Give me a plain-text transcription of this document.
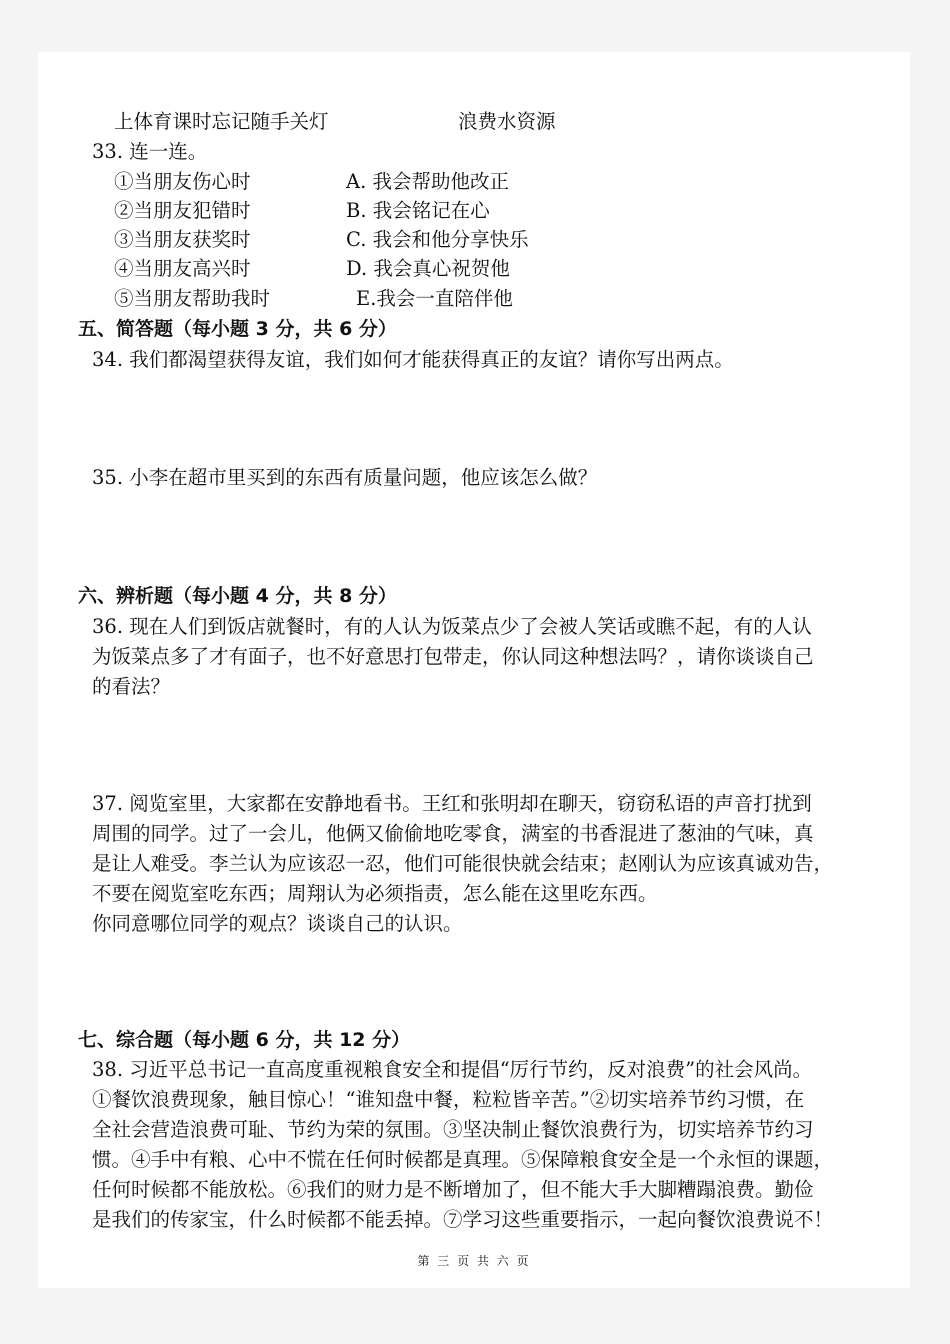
上体育课时忘记随手关灯	浪费水资源
33. 连一连。
①当朋友伤心时
②当朋友犯错时
③当朋友获奖时
④当朋友高兴时
⑤当朋友帮助我时
A. 我会帮助他改正
B. 我会铭记在心
C. 我会和他分享快乐
D. 我会真心祝贺他
E.我会一直陪伴他
五、简答题（每小题 3 分，共 6 分）
34. 我们都渴望获得友谊，我们如何才能获得真正的友谊？请你写出两点。
35. 小李在超市里买到的东西有质量问题，他应该怎么做？
六、辨析题（每小题 4 分，共 8 分）
36. 现在人们到饭店就餐时，有的人认为饭菜点少了会被人笑话或瞧不起，有的人认
为饭菜点多了才有面子，也不好意思打包带走，你认同这种想法吗？，请你谈谈自己
的看法？
37. 阅览室里，大家都在安静地看书。王红和张明却在聊天，窃窃私语的声音打扰到
周围的同学。过了一会儿，他俩又偷偷地吃零食，满室的书香混进了葱油的气味，真
是让人难受。李兰认为应该忍一忍，他们可能很快就会结束；赵刚认为应该真诚劝告，
不要在阅览室吃东西；周翔认为必须指责，怎么能在这里吃东西。
你同意哪位同学的观点？谈谈自己的认识。
七、综合题（每小题 6 分，共 12 分）
38. 习近平总书记一直高度重视粮食安全和提倡“厉行节约，反对浪费”的社会风尚。
①餐饮浪费现象，触目惊心！“谁知盘中餐，粒粒皆辛苦。”②切实培养节约习惯，在
全社会营造浪费可耻、节约为荣的氛围。③坚决制止餐饮浪费行为，切实培养节约习
惯。④手中有粮、心中不慌在任何时候都是真理。⑤保障粮食安全是一个永恒的课题，
任何时候都不能放松。⑥我们的财力是不断增加了，但不能大手大脚糟蹋浪费。勤俭
是我们的传家宝，什么时候都不能丢掉。⑦学习这些重要指示，一起向餐饮浪费说不！
第 三 页 共 六 页
